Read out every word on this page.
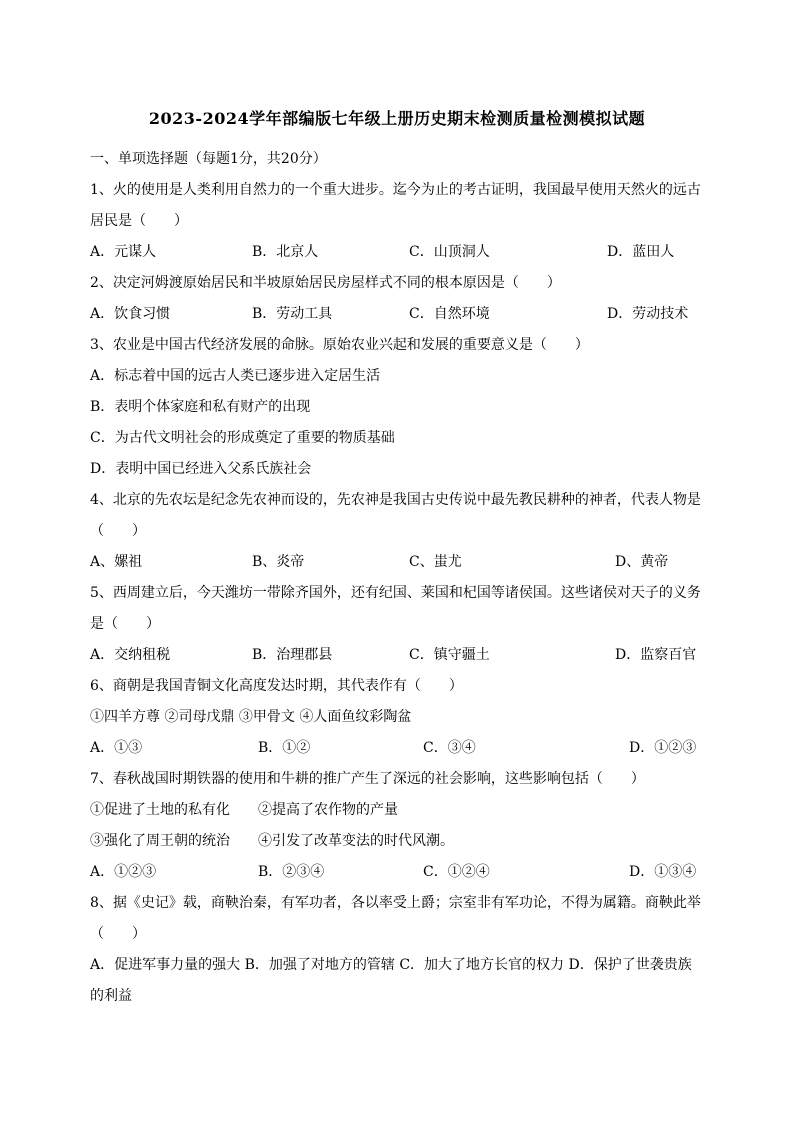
2023-2024学年部编版七年级上册历史期末检测质量检测模拟试题
一、单项选择题（每题1分，共20分）
1、火的使用是人类利用自然力的一个重大进步。迄今为止的考古证明，我国最早使用天然火的远古
居民是（　　）
A．元谋人	B．北京人	C．山顶洞人	D．蓝田人
2、决定河姆渡原始居民和半坡原始居民房屋样式不同的根本原因是（　　）
A．饮食习惯	B．劳动工具	C．自然环境	D．劳动技术
3、农业是中国古代经济发展的命脉。原始农业兴起和发展的重要意义是（　　）
A．标志着中国的远古人类已逐步进入定居生活
B．表明个体家庭和私有财产的出现
C．为古代文明社会的形成奠定了重要的物质基础
D．表明中国已经进入父系氏族社会
4、北京的先农坛是纪念先农神而设的，先农神是我国古史传说中最先教民耕种的神者，代表人物是
（　　）
A、嫘祖	B、炎帝	C、蚩尤	D、黄帝
5、西周建立后，今天潍坊一带除齐国外，还有纪国、莱国和杞国等诸侯国。这些诸侯对天子的义务
是（　　）
A．交纳租税	B．治理郡县	C．镇守疆土	D．监察百官
6、商朝是我国青铜文化高度发达时期，其代表作有（　　）
①四羊方尊 ②司母戊鼎 ③甲骨文 ④人面鱼纹彩陶盆
A．①③	B．①②	C．③④	D．①②③
7、春秋战国时期铁器的使用和牛耕的推广产生了深远的社会影响，这些影响包括（　　）
①促进了土地的私有化　　②提高了农作物的产量
③强化了周王朝的统治　　④引发了改革变法的时代风潮。
A．①②③	B．②③④	C．①②④	D．①③④
8、据《史记》载，商鞅治秦，有军功者，各以率受上爵；宗室非有军功论，不得为属籍。商鞅此举
（　　）
A．促进军事力量的强大 B．加强了对地方的管辖 C．加大了地方长官的权力 D．保护了世袭贵族
的利益
